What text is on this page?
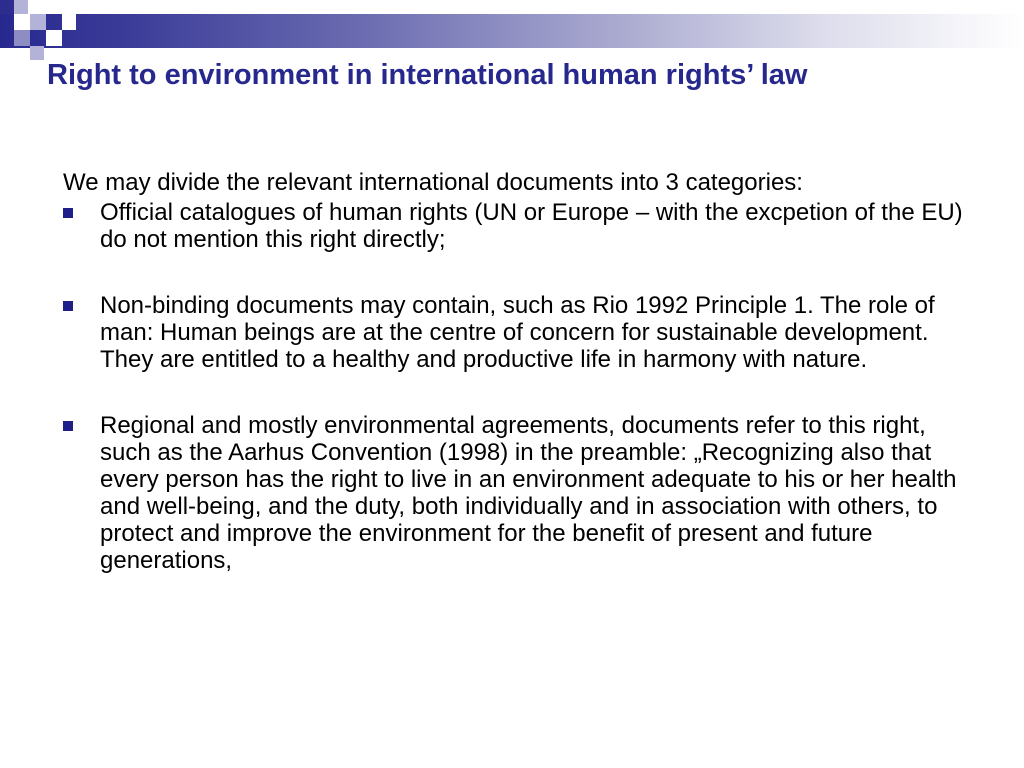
Right to environment in international human rights’ law

We may divide the relevant international documents into 3 categories:

Official catalogues of human rights (UN or Europe – with the excpetion of the EU) do not mention this right directly;
Non-binding documents may contain, such as Rio 1992 Principle 1. The role of man: Human beings are at the centre of concern for sustainable development. They are entitled to a healthy and productive life in harmony with nature.
Regional and mostly environmental agreements, documents refer to this right, such as the Aarhus Convention (1998) in the preamble: „Recognizing also that every person has the right to live in an environment adequate to his or her health and well-being, and the duty, both individually and in association with others, to protect and improve the environment for the benefit of present and future generations,
